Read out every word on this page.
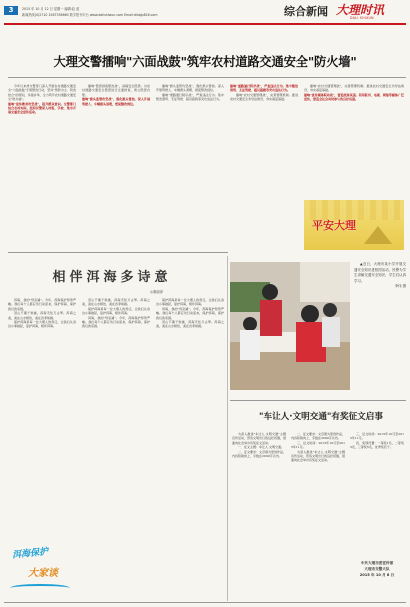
3	2015 年 10 月 12 日 星期一 编辑:赵 蓝
新闻热线(0)2710 1587336660 数字报刊平台 www.dalishiwun.com Email:dlsbjp816.com	综合新闻 大理时讯
DALI SHIXUN
大理交警擂响"六面战鼓"筑牢农村道路交通安全"防火墙"

今年以来州交警部门深入开展农村道路交通安全"六面战鼓"专项整治行动，坚持"预防为主、防治结合"的原则，多措并举，全力筑牢农村道路交通安全"防火墙"。

擂响"宣传教育攻坚战"，提升群众意识。交警部门结合农村实际，组织民警深入村组、学校、集市开展交通安全宣传活动。

擂响"隐患排查整治战"，消除安全隐患。对农村道路交通安全隐患进行全面排查，建立隐患台账。

擂响"源头监管攻坚战"，强化源头管控。深入开展驾驶人、车辆源头清理，督促整改到位。

擂响"源头监管攻坚战"，强化源头管控。深入开展驾驶人、车辆源头清理，督促整改到位。

擂响"道路通行秩序战"，严查违法行为。集中整治酒驾、无证驾驶、超员超载等突出违法行为。

擂响"道路通行秩序战"，严查违法行为。集中整治酒驾、无证驾驶、超员超载等突出违法行为。

擂响"农村交通管理战"，完善管理机制。推进农村交通安全劝导站建设，夯实基层基础。

擂响"农村交通管理战"，完善管理机制。推进农村交通安全劝导站建设，夯实基层基础。

擂响"宣传媒体联动战"，营造浓厚氛围。利用报刊、电视、网络等媒体广泛宣传，营造全社会共同参与的良好氛围。

平安大理
相伴洱海多诗意
◎康丽萍

洱海，我的"母亲湖"。今年，洱海保护形势严峻。我们每个人都应该行动起来，保护洱海，保护我们的家园。

苍山不墨千秋画，洱海无弦万古琴。洱海之美，美在山水相依，美在四季如画。

保护洱海是每一位大理人的责任，让我们从身边小事做起，爱护洱海，相伴洱海。

苍山不墨千秋画，洱海无弦万古琴。洱海之美，美在山水相依，美在四季如画。

保护洱海是每一位大理人的责任，让我们从身边小事做起，爱护洱海，相伴洱海。

洱海，我的"母亲湖"。今年，洱海保护形势严峻。我们每个人都应该行动起来，保护洱海，保护我们的家园。

保护洱海是每一位大理人的责任，让我们从身边小事做起，爱护洱海，相伴洱海。

洱海，我的"母亲湖"。今年，洱海保护形势严峻。我们每个人都应该行动起来，保护洱海，保护我们的家园。

苍山不墨千秋画，洱海无弦万古琴。洱海之美，美在山水相依，美在四季如画。

洱海保护
大家谈

▲近日，大理市某小学开展交通安全知识进校园活动，民警为学生讲解交通安全知识，学生们认真学习。

李伟 摄

"车让人·文明交通"有奖征文启事

为深入推进"车让人·文明交通"主题宣传活动，营造文明出行的良好氛围，现面向社会举办有奖征文活动。

一、征文主题：车让人·文明交通。

二、征文要求：文章须为原创作品，内容积极向上，字数在2000字以内。

二、征文要求：文章须为原创作品，内容积极向上，字数在2000字以内。

三、征文时间：2015年10月至2015年11月。

为深入推进"车让人·文明交通"主题宣传活动，营造文明出行的良好氛围，现面向社会举办有奖征文活动。

三、征文时间：2015年10月至2015年11月。

四、奖项设置：一等奖1名，二等奖3名，三等奖5名，优秀奖若干。

中共大理市委宣传部
大理市交警大队
2015 年 10 月 8 日
